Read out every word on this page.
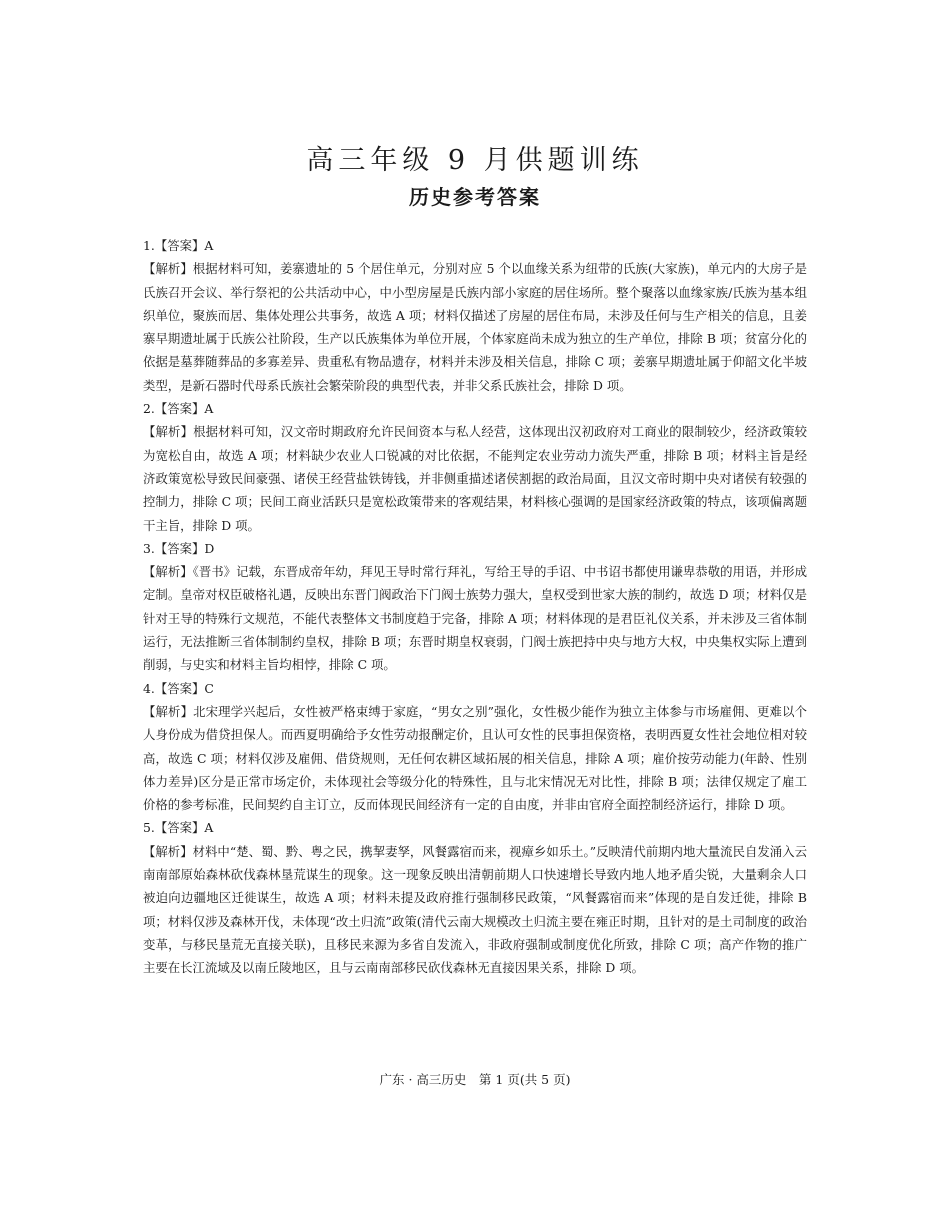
高三年级 9 月供题训练
历史参考答案
1.【答案】A

【解析】根据材料可知，姜寨遗址的 5 个居住单元，分别对应 5 个以血缘关系为纽带的氏族(大家族)，单元内的大房子是氏族召开会议、举行祭祀的公共活动中心，中小型房屋是氏族内部小家庭的居住场所。整个聚落以血缘家族/氏族为基本组织单位，聚族而居、集体处理公共事务，故选 A 项；材料仅描述了房屋的居住布局，未涉及任何与生产相关的信息，且姜寨早期遗址属于氏族公社阶段，生产以氏族集体为单位开展，个体家庭尚未成为独立的生产单位，排除 B 项；贫富分化的依据是墓葬随葬品的多寡差异、贵重私有物品遗存，材料并未涉及相关信息，排除 C 项；姜寨早期遗址属于仰韶文化半坡类型，是新石器时代母系氏族社会繁荣阶段的典型代表，并非父系氏族社会，排除 D 项。

2.【答案】A

【解析】根据材料可知，汉文帝时期政府允许民间资本与私人经营，这体现出汉初政府对工商业的限制较少，经济政策较为宽松自由，故选 A 项；材料缺少农业人口锐减的对比依据，不能判定农业劳动力流失严重，排除 B 项；材料主旨是经济政策宽松导致民间豪强、诸侯王经营盐铁铸钱，并非侧重描述诸侯割据的政治局面，且汉文帝时期中央对诸侯有较强的控制力，排除 C 项；民间工商业活跃只是宽松政策带来的客观结果，材料核心强调的是国家经济政策的特点，该项偏离题干主旨，排除 D 项。

3.【答案】D

【解析】《晋书》记载，东晋成帝年幼，拜见王导时常行拜礼，写给王导的手诏、中书诏书都使用谦卑恭敬的用语，并形成定制。皇帝对权臣破格礼遇，反映出东晋门阀政治下门阀士族势力强大，皇权受到世家大族的制约，故选 D 项；材料仅是针对王导的特殊行文规范，不能代表整体文书制度趋于完备，排除 A 项；材料体现的是君臣礼仪关系，并未涉及三省体制运行，无法推断三省体制制约皇权，排除 B 项；东晋时期皇权衰弱，门阀士族把持中央与地方大权，中央集权实际上遭到削弱，与史实和材料主旨均相悖，排除 C 项。

4.【答案】C

【解析】北宋理学兴起后，女性被严格束缚于家庭，“男女之别”强化，女性极少能作为独立主体参与市场雇佣、更难以个人身份成为借贷担保人。而西夏明确给予女性劳动报酬定价，且认可女性的民事担保资格，表明西夏女性社会地位相对较高，故选 C 项；材料仅涉及雇佣、借贷规则，无任何农耕区域拓展的相关信息，排除 A 项；雇价按劳动能力(年龄、性别体力差异)区分是正常市场定价，未体现社会等级分化的特殊性，且与北宋情况无对比性，排除 B 项；法律仅规定了雇工价格的参考标准，民间契约自主订立，反而体现民间经济有一定的自由度，并非由官府全面控制经济运行，排除 D 项。

5.【答案】A

【解析】材料中“楚、蜀、黔、粤之民，携挈妻孥，风餐露宿而来，视瘴乡如乐土。”反映清代前期内地大量流民自发涌入云南南部原始森林砍伐森林垦荒谋生的现象。这一现象反映出清朝前期人口快速增长导致内地人地矛盾尖锐，大量剩余人口被迫向边疆地区迁徙谋生，故选 A 项；材料未提及政府推行强制移民政策，“风餐露宿而来”体现的是自发迁徙，排除 B 项；材料仅涉及森林开伐，未体现“改土归流”政策(清代云南大规模改土归流主要在雍正时期，且针对的是土司制度的政治变革，与移民垦荒无直接关联)，且移民来源为多省自发流入，非政府强制或制度优化所致，排除 C 项；高产作物的推广主要在长江流域及以南丘陵地区，且与云南南部移民砍伐森林无直接因果关系，排除 D 项。

广东 · 高三历史　第 1 页(共 5 页)
